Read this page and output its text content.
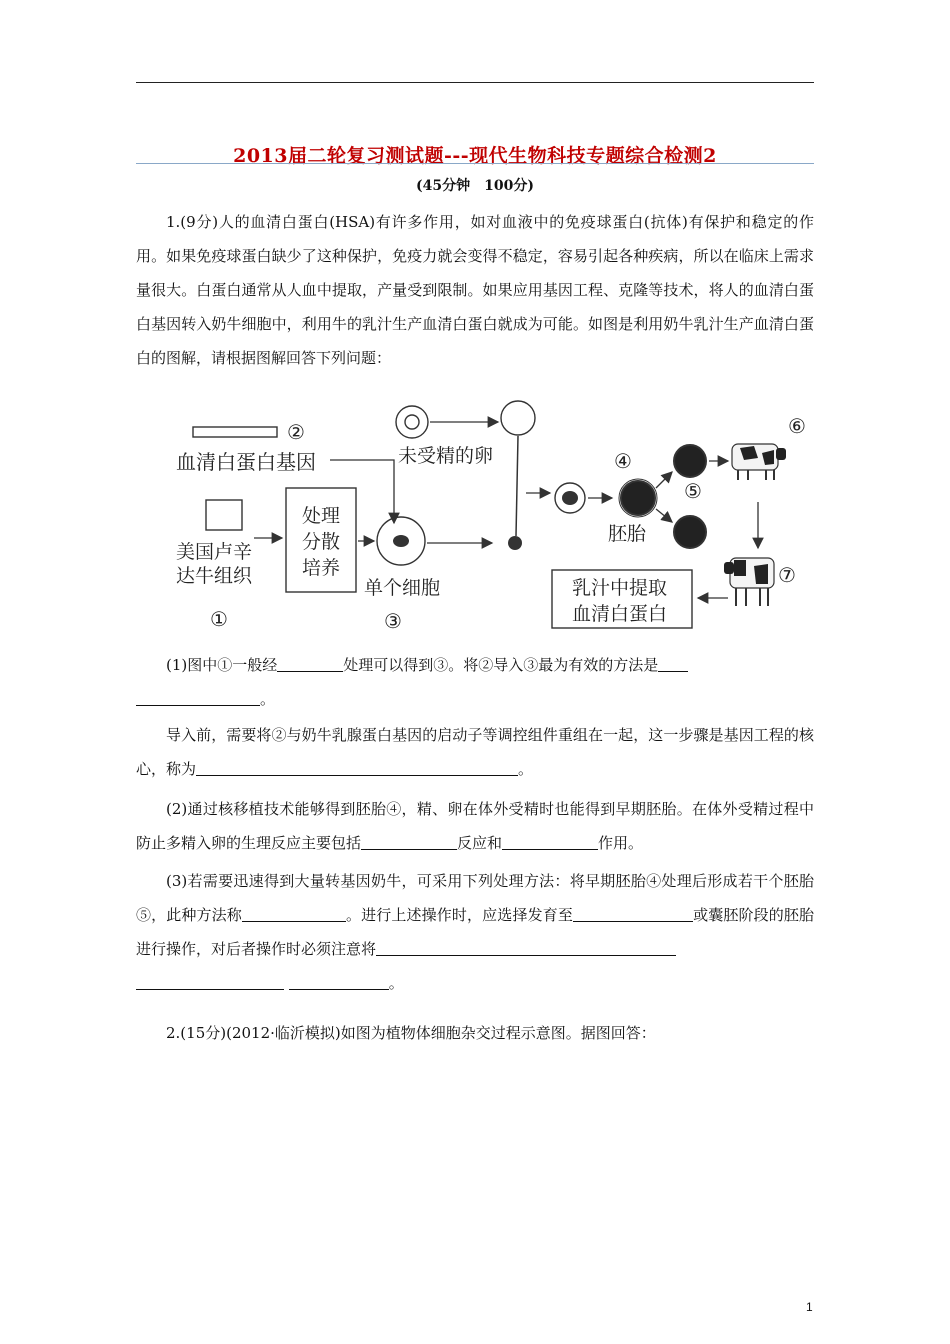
2013届二轮复习测试题---现代生物科技专题综合检测2
(45分钟　100分)
1.(9分)人的血清白蛋白(HSA)有许多作用，如对血液中的免疫球蛋白(抗体)有保护和稳定的作用。如果免疫球蛋白缺少了这种保护，免疫力就会变得不稳定，容易引起各种疾病，所以在临床上需求量很大。白蛋白通常从人血中提取，产量受到限制。如果应用基因工程、克隆等技术，将人的血清白蛋白基因转入奶牛细胞中，利用牛的乳汁生产血清白蛋白就成为可能。如图是利用奶牛乳汁生产血清白蛋白的图解，请根据图解回答下列问题：
②
血清白蛋白基因
美国卢辛
达牛组织
①
处理
分散
培养
单个细胞
③
未受精的卵	④
胚胎
⑤
⑥
⑦
乳汁中提取
血清白蛋白
(1)图中①一般经	处理可以得到③。将②导入③最为有效的方法是
。
导入前，需要将②与奶牛乳腺蛋白基因的启动子等调控组件重组在一起，这一步骤是基因工程的核心，称为	。
(2)通过核移植技术能够得到胚胎④，精、卵在体外受精时也能得到早期胚胎。在体外受精过程中防止多精入卵的生理反应主要包括	反应和	作用。
(3)若需要迅速得到大量转基因奶牛，可采用下列处理方法：将早期胚胎④处理后形成若干个胚胎⑤，此种方法称	。进行上述操作时，应选择发育至	或囊胚阶段的胚胎进行操作，对后者操作时必须注意将
。
2.(15分)(2012·临沂模拟)如图为植物体细胞杂交过程示意图。据图回答：
1
